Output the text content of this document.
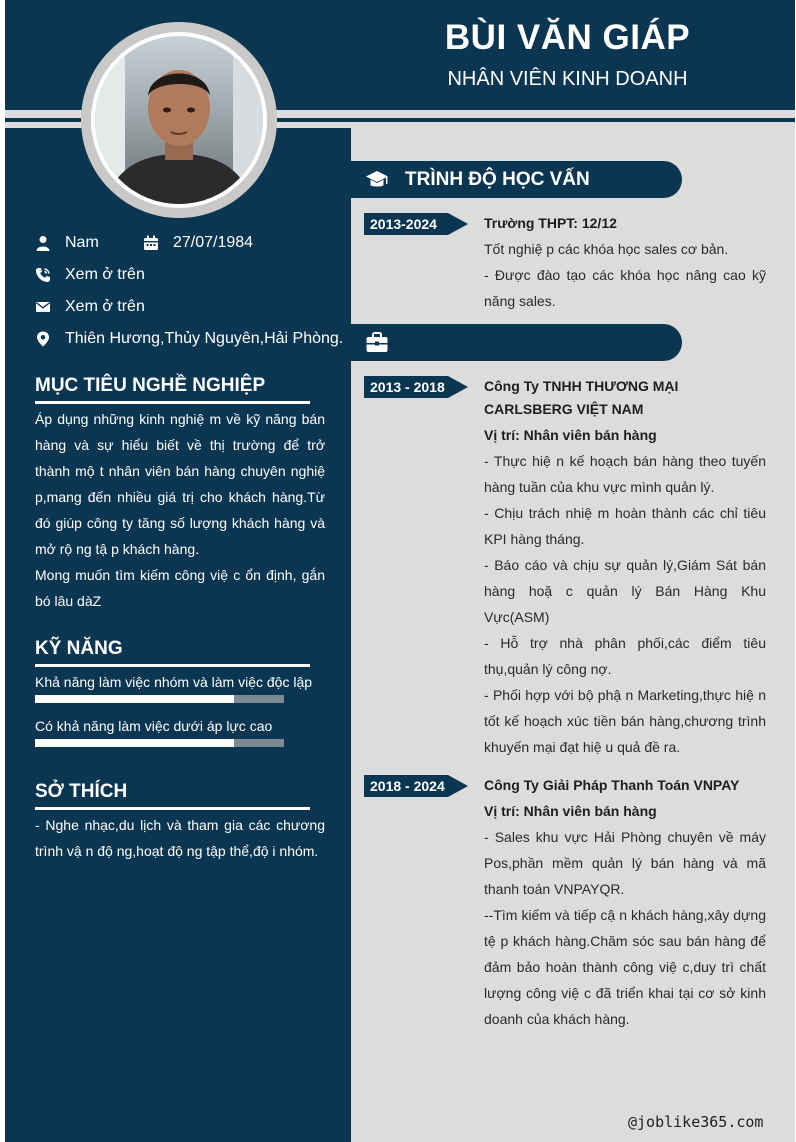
BÙI VĂN GIÁP
NHÂN VIÊN KINH DOANH
Nam	27/07/1984
Xem ở trên
Xem ở trên
Thiên Hương,Thủy Nguyên,Hải Phòng.
MỤC TIÊU NGHỀ NGHIỆP
Áp dụng những kinh nghiệ m về kỹ năng bán hàng và sự hiểu biết về thị trường để trở thành mộ t nhân viên bán hàng chuyên nghiệ p,mang đến nhiều giá trị cho khách hàng.Từ đó giúp công ty tăng số lượng khách hàng và mở rộ ng tậ p khách hàng.
Mong muốn tìm kiếm công việ c ổn định, gắn bó lâu dàZ
KỸ NĂNG
Khả năng làm việc nhóm và làm việc độc lập
Có khả năng làm việc dưới áp lực cao
SỞ THÍCH
- Nghe nhạc,du lịch và tham gia các chương trình vậ n độ ng,hoạt độ ng tập thể,độ i nhóm.
TRÌNH ĐỘ HỌC VẤN
2013-2024	Trường THPT: 12/12
Tốt nghiệ p các khóa học sales cơ bản.
- Được đào tạo các khóa học nâng cao kỹ năng sales.
2013 - 2018	Công Ty TNHH THƯƠNG MẠI CARLSBERG VIỆT NAM
Vị trí: Nhân viên bán hàng
- Thực hiệ n kế hoạch bán hàng theo tuyến hàng tuần của khu vực mình quản lý.
- Chịu trách nhiệ m hoàn thành các chỉ tiêu KPI hàng tháng.
- Báo cáo và chịu sự quản lý,Giám Sát bán hàng hoặ c quản lý Bán Hàng Khu Vực(ASM)
- Hỗ trợ nhà phân phối,các điểm tiêu thụ,quản lý công nợ.
- Phối hợp với bộ phậ n Marketing,thực hiệ n tốt kế hoạch xúc tiền bán hàng,chương trình khuyến mại đạt hiệ u quả đề ra.
2018 - 2024	Công Ty Giải Pháp Thanh Toán VNPAY
Vị trí: Nhân viên bán hàng
- Sales khu vực Hải Phòng chuyên về máy Pos,phần mềm quản lý bán hàng và mã thanh toán VNPAYQR.
--Tìm kiếm và tiếp cậ n khách hàng,xây dựng tệ p khách hàng.Chăm sóc sau bán hàng để đảm bảo hoàn thành công việ c,duy trì chất lượng công việ c đã triển khai tại cơ sở kinh doanh của khách hàng.
@joblike365.com
